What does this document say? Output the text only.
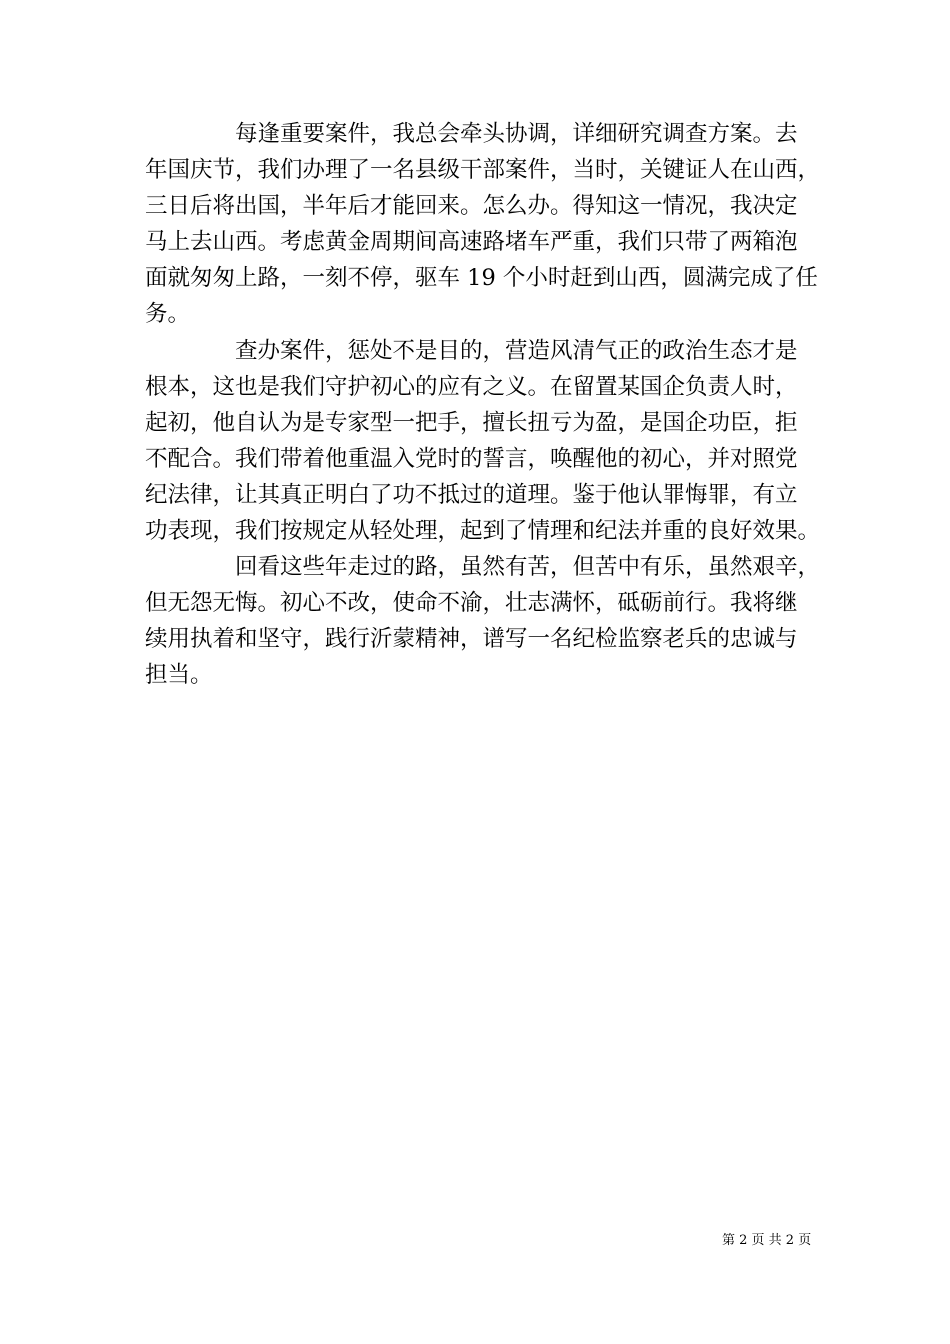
　　　　每逢重要案件，我总会牵头协调，详细研究调查方案。去
年国庆节，我们办理了一名县级干部案件，当时，关键证人在山西，
三日后将出国，半年后才能回来。怎么办。得知这一情况，我决定
马上去山西。考虑黄金周期间高速路堵车严重，我们只带了两箱泡
面就匆匆上路，一刻不停，驱车 19 个小时赶到山西，圆满完成了任
务。
　　　　查办案件，惩处不是目的，营造风清气正的政治生态才是
根本，这也是我们守护初心的应有之义。在留置某国企负责人时，
起初，他自认为是专家型一把手，擅长扭亏为盈，是国企功臣，拒
不配合。我们带着他重温入党时的誓言，唤醒他的初心，并对照党
纪法律，让其真正明白了功不抵过的道理。鉴于他认罪悔罪，有立
功表现，我们按规定从轻处理，起到了情理和纪法并重的良好效果。
　　　　回看这些年走过的路，虽然有苦，但苦中有乐，虽然艰辛，
但无怨无悔。初心不改，使命不渝，壮志满怀，砥砺前行。我将继
续用执着和坚守，践行沂蒙精神，谱写一名纪检监察老兵的忠诚与
担当。
第 2 页 共 2 页
